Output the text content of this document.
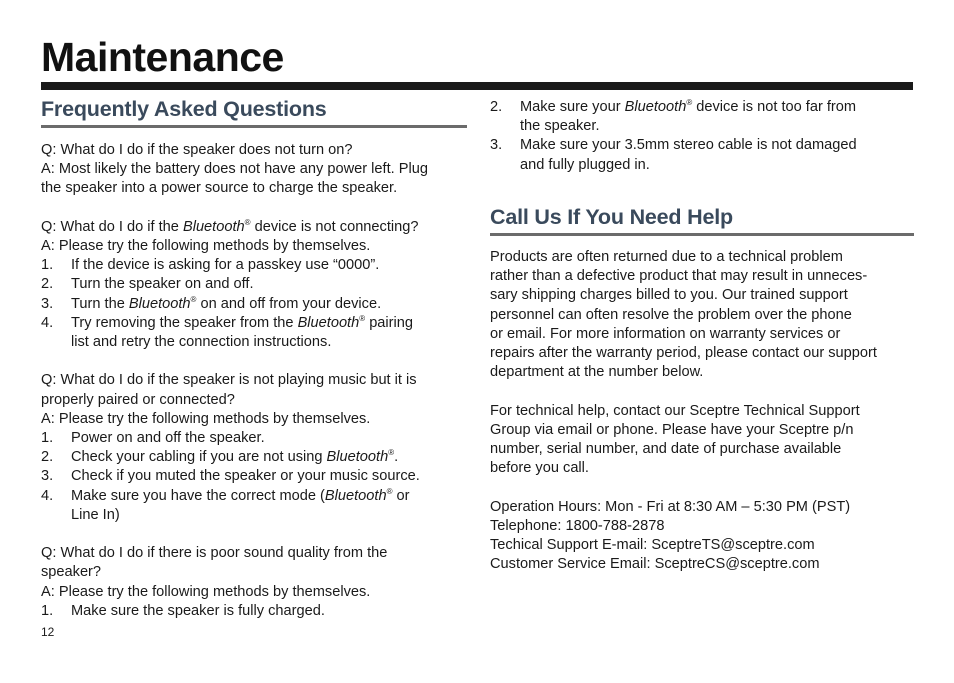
Maintenance
Frequently Asked Questions
Q: What do I do if the speaker does not turn on?
A: Most likely the battery does not have any power left. Plug
the speaker into a power source to charge the speaker.
Q: What do I do if the Bluetooth® device is not connecting?
A: Please try the following methods by themselves.
1. If the device is asking for a passkey use “0000”.
2. Turn the speaker on and off.
3. Turn the Bluetooth® on and off from your device.
4. Try removing the speaker from the Bluetooth® pairing
list and retry the connection instructions.
Q: What do I do if the speaker is not playing music but it is
properly paired or connected?
A: Please try the following methods by themselves.
1. Power on and off the speaker.
2. Check your cabling if you are not using Bluetooth®.
3. Check if you muted the speaker or your music source.
4. Make sure you have the correct mode (Bluetooth® or
Line In)
Q: What do I do if there is poor sound quality from the
speaker?
A: Please try the following methods by themselves.
1. Make sure the speaker is fully charged.
12
2. Make sure your Bluetooth® device is not too far from
the speaker.
3. Make sure your 3.5mm stereo cable is not damaged
and fully plugged in.
Call Us If You Need Help
Products are often returned due to a technical problem
rather than a defective product that may result in unneces-
sary shipping charges billed to you. Our trained support
personnel can often resolve the problem over the phone
or email. For more information on warranty services or
repairs after the warranty period, please contact our support
department at the number below.
For technical help, contact our Sceptre Technical Support
Group via email or phone. Please have your Sceptre p/n
number, serial number, and date of purchase available
before you call.
Operation Hours: Mon - Fri at 8:30 AM – 5:30 PM (PST)
Telephone: 1800-788-2878
Techical Support E-mail: SceptreTS@sceptre.com
Customer Service Email: SceptreCS@sceptre.com
